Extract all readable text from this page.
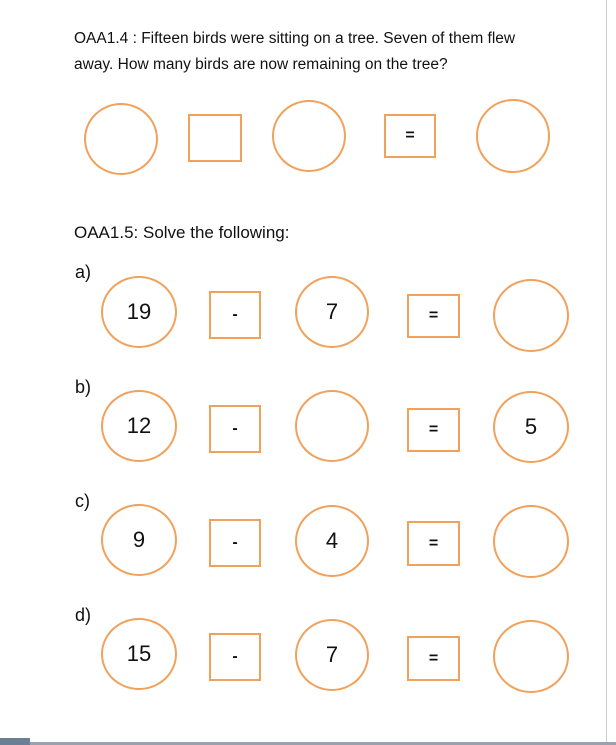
OAA1.4 : Fifteen birds were sitting on a tree. Seven of them flew away. How many birds are now remaining on the tree?
=
OAA1.5: Solve the following:
a)
19	-	7	=
b)
12	-	=	5
c)
9	-	4	=
d)
15	-	7	=
